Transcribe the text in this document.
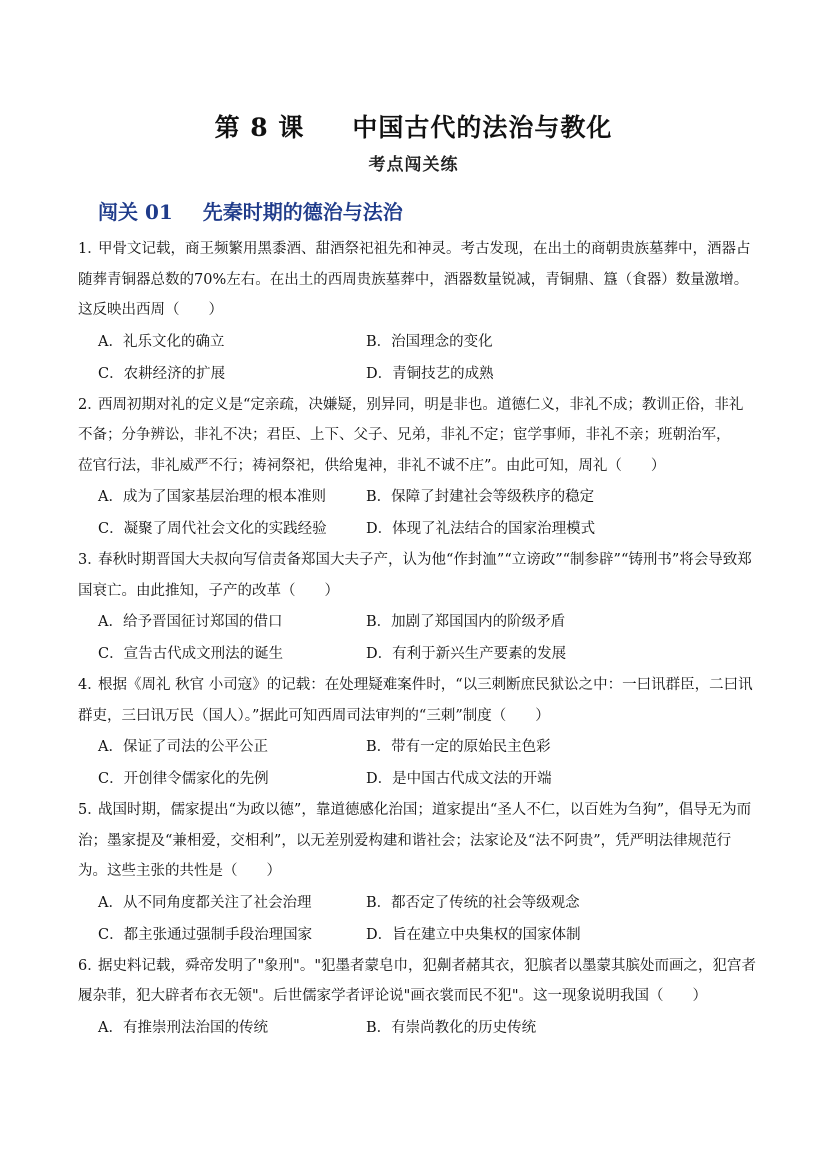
第 8 课 中国古代的法治与教化
考点闯关练
闯关 01 先秦时期的德治与法治

1．甲骨文记载，商王频繁用黑黍酒、甜酒祭祀祖先和神灵。考古发现，在出土的商朝贵族墓葬中，酒器占

随葬青铜器总数的70%左右。在出土的西周贵族墓葬中，酒器数量锐减，青铜鼎、簋（食器）数量激增。

这反映出西周（　　）

A．礼乐文化的确立	B．治国理念的变化
C．农耕经济的扩展	D．青铜技艺的成熟

2．西周初期对礼的定义是“定亲疏，决嫌疑，别异同，明是非也。道德仁义，非礼不成；教训正俗，非礼

不备；分争辨讼，非礼不决；君臣、上下、父子、兄弟，非礼不定；宦学事师，非礼不亲；班朝治军，

莅官行法，非礼威严不行；祷祠祭祀，供给鬼神，非礼不诚不庄”。由此可知，周礼（　　）

A．成为了国家基层治理的根本准则	B．保障了封建社会等级秩序的稳定
C．凝聚了周代社会文化的实践经验	D．体现了礼法结合的国家治理模式

3．春秋时期晋国大夫叔向写信责备郑国大夫子产，认为他“作封洫”“立谤政”“制参辟”“铸刑书”将会导致郑

国衰亡。由此推知，子产的改革（　　）

A．给予晋国征讨郑国的借口	B．加剧了郑国国内的阶级矛盾
C．宣告古代成文刑法的诞生	D．有利于新兴生产要素的发展

4．根据《周礼 秋官 小司寇》的记载：在处理疑难案件时，“以三刺断庶民狱讼之中：一曰讯群臣，二曰讯

群吏，三曰讯万民（国人）。”据此可知西周司法审判的“三刺”制度（　　）

A．保证了司法的公平公正	B．带有一定的原始民主色彩
C．开创律令儒家化的先例	D．是中国古代成文法的开端

5．战国时期，儒家提出“为政以德”，靠道德感化治国；道家提出“圣人不仁，以百姓为刍狗”，倡导无为而

治；墨家提及“兼相爱，交相利”，以无差别爱构建和谐社会；法家论及“法不阿贵”，凭严明法律规范行

为。这些主张的共性是（　　）

A．从不同角度都关注了社会治理	B．都否定了传统的社会等级观念
C．都主张通过强制手段治理国家	D．旨在建立中央集权的国家体制

6．据史料记载，舜帝发明了"象刑"。"犯墨者蒙皂巾，犯劓者赭其衣，犯膑者以墨蒙其膑处而画之，犯宫者

履杂菲，犯大辟者布衣无领"。后世儒家学者评论说"画衣裳而民不犯"。这一现象说明我国（　　）

A．有推崇刑法治国的传统	B．有崇尚教化的历史传统
